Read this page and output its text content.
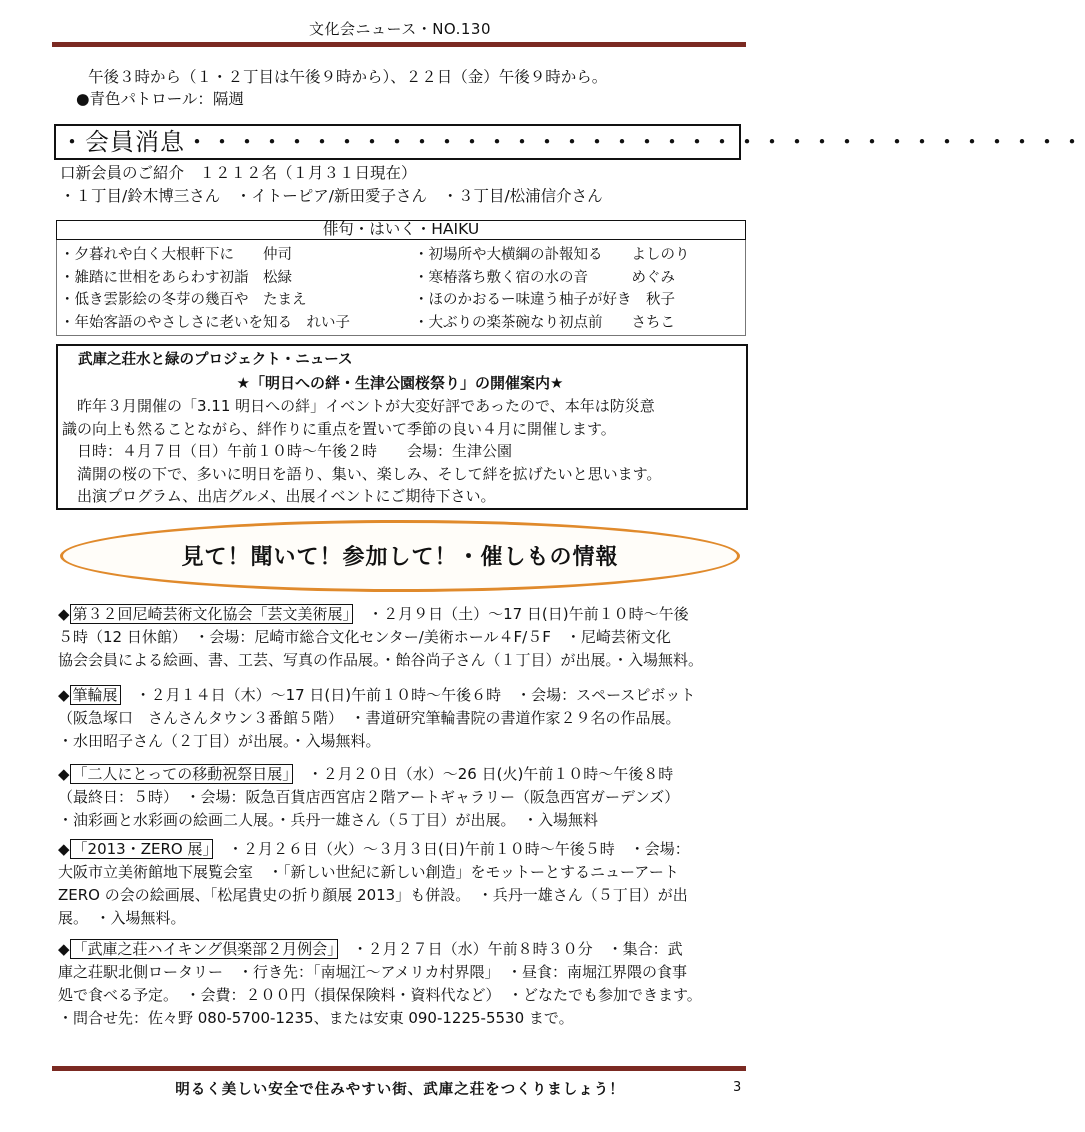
文化会ニュース・NO.130
午後３時から（１・２丁目は午後９時から）、２２日（金）午後９時から。
●青色パトロール：隔週
・会員消息・・・・・・・・・・・・・・・・・・・・・・・・・・・・・・・・・・・・
口新会員のご紹介　１２１２名（１月３１日現在）
・１丁目/鈴木博三さん　・イトーピア/新田愛子さん　・３丁目/松浦信介さん
俳句・はいく・HAIKU
・夕暮れや白く大根軒下に　　仲司
・雑踏に世相をあらわす初詣　松緑
・低き雲影絵の冬芽の幾百や　たまえ
・年始客語のやさしさに老いを知る　れい子
・初場所や大横綱の訃報知る　　よしのり
・寒椿落ち敷く宿の水の音　　　めぐみ
・ほのかおるー味違う柚子が好き　秋子
・大ぶりの楽茶碗なり初点前　　さちこ
武庫之荘水と緑のプロジェクト・ニュース
★「明日への絆・生津公園桜祭り」の開催案内★
　昨年３月開催の「3.11 明日への絆」イベントが大変好評であったので、本年は防災意
識の向上も然ることながら、絆作りに重点を置いて季節の良い４月に開催します。
　日時：４月７日（日）午前１０時～午後２時　　会場：生津公園
　満開の桜の下で、多いに明日を語り、集い、楽しみ、そして絆を拡げたいと思います。
　出演プログラム、出店グルメ、出展イベントにご期待下さい。
見て！聞いて！参加して！・催しもの情報
◆ 第３２回尼崎芸術文化協会「芸文美術展」　・２月９日（土）～17 日(日)午前１０時～午後
５時（12 日休館）　・会場：尼崎市総合文化センター/美術ホール４F/５F　・尼崎芸術文化
協会会員による絵画、書、工芸、写真の作品展。・飴谷尚子さん（１丁目）が出展。・入場無料。
◆ 筆輪展　・２月１４日（木）～17 日(日)午前１０時～午後６時　・会場：スペースピボット
（阪急塚口　さんさんタウン３番館５階）　・書道研究筆輪書院の書道作家２９名の作品展。
・水田昭子さん（２丁目）が出展。・入場無料。
◆ 「二人にとっての移動祝祭日展」　・２月２０日（水）～26 日(火)午前１０時～午後８時
（最終日：５時）　・会場：阪急百貨店西宮店２階アートギャラリー（阪急西宮ガーデンズ）
・油彩画と水彩画の絵画二人展。・兵丹一雄さん（５丁目）が出展。　・入場無料
◆ 「2013・ZERO 展」　・２月２６日（火）～３月３日(日)午前１０時～午後５時　・会場：
大阪市立美術館地下展覧会室　・「新しい世紀に新しい創造」をモットーとするニューアート
ZERO の会の絵画展、「松尾貴史の折り顔展 2013」も併設。　・兵丹一雄さん（５丁目）が出
展。　・入場無料。
◆ 「武庫之荘ハイキング倶楽部２月例会」　・２月２７日（水）午前８時３０分　・集合：武
庫之荘駅北側ロータリー　・行き先：「南堀江～アメリカ村界隈」　・昼食：南堀江界隈の食事
処で食べる予定。　・会費：２００円（損保保険料・資料代など）　・どなたでも参加できます。
・問合せ先：佐々野 080-5700-1235、または安東 090-1225-5530 まで。
明るく美しい安全で住みやすい街、武庫之荘をつくりましょう！	3
